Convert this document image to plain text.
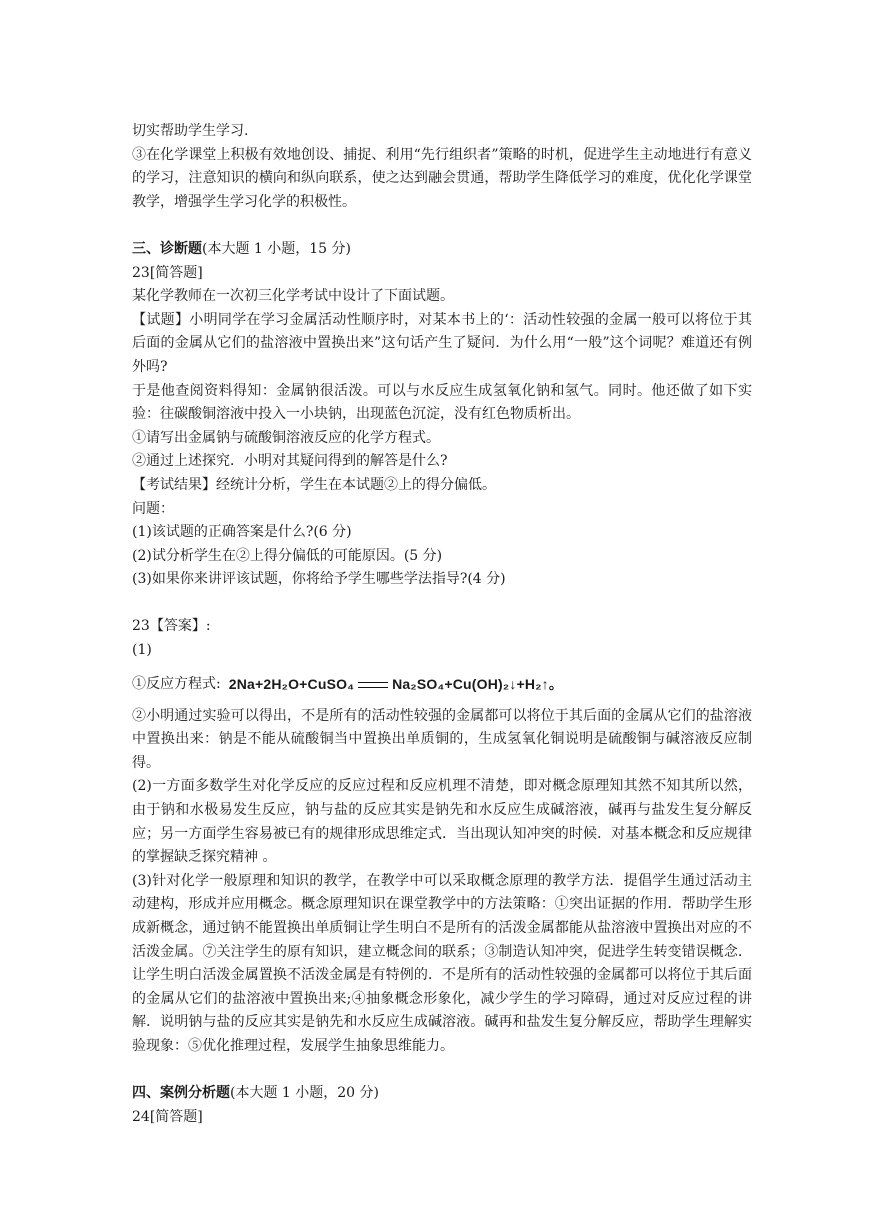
切实帮助学生学习.

③在化学课堂上积极有效地创设、捕捉、利用“先行组织者”策略的时机，促进学生主动地进行有意义的学习，注意知识的横向和纵向联系，使之达到融会贯通，帮助学生降低学习的难度，优化化学课堂教学，增强学生学习化学的积极性。

三、诊断题(本大题 1 小题，15 分)

23[简答题]

某化学教师在一次初三化学考试中设计了下面试题。

【试题】小明同学在学习金属活动性顺序时，对某本书上的‘：活动性较强的金属一般可以将位于其后面的金属从它们的盐溶液中置换出来”这句话产生了疑问．为什么用“一般”这个词呢？难道还有例外吗?

于是他查阅资料得知：金属钠很活泼。可以与水反应生成氢氧化钠和氢气。同时。他还做了如下实验：往碳酸铜溶液中投入一小块钠，出现蓝色沉淀，没有红色物质析出。

①请写出金属钠与硫酸铜溶液反应的化学方程式。

②通过上述探究．小明对其疑问得到的解答是什么?

【考试结果】经统计分析，学生在本试题②上的得分偏低。

问题：

(1)该试题的正确答案是什么?(6 分)

(2)试分析学生在②上得分偏低的可能原因。(5 分)

(3)如果你来讲评该试题，你将给予学生哪些学法指导?(4 分)

23【答案】:

(1)

①反应方程式: 2Na+2H₂O+CuSO₄	Na₂SO₄+Cu(OH)₂↓+H₂↑。

②小明通过实验可以得出，不是所有的活动性较强的金属都可以将位于其后面的金属从它们的盐溶液中置换出来：钠是不能从硫酸铜当中置换出单质铜的，生成氢氧化铜说明是硫酸铜与碱溶液反应制得。

(2)一方面多数学生对化学反应的反应过程和反应机理不清楚，即对概念原理知其然不知其所以然，由于钠和水极易发生反应，钠与盐的反应其实是钠先和水反应生成碱溶液，碱再与盐发生复分解反应；另一方面学生容易被已有的规律形成思维定式．当出现认知冲突的时候．对基本概念和反应规律的掌握缺乏探究精神 。

(3)针对化学一般原理和知识的教学，在教学中可以采取概念原理的教学方法．提倡学生通过活动主动建构，形成并应用概念。概念原理知识在课堂教学中的方法策略：①突出证据的作用．帮助学生形成新概念，通过钠不能置换出单质铜让学生明白不是所有的活泼金属都能从盐溶液中置换出对应的不活泼金属。⑦关注学生的原有知识，建立概念间的联系；③制造认知冲突，促进学生转变错误概念．让学生明白活泼金属置换不活泼金属是有特例的．不是所有的活动性较强的金属都可以将位于其后面的金属从它们的盐溶液中置换出来;④抽象概念形象化，减少学生的学习障碍，通过对反应过程的讲解．说明钠与盐的反应其实是钠先和水反应生成碱溶液。碱再和盐发生复分解反应，帮助学生理解实验现象：⑤优化推理过程，发展学生抽象思维能力。

四、案例分析题(本大题 1 小题，20 分)

24[简答题]
